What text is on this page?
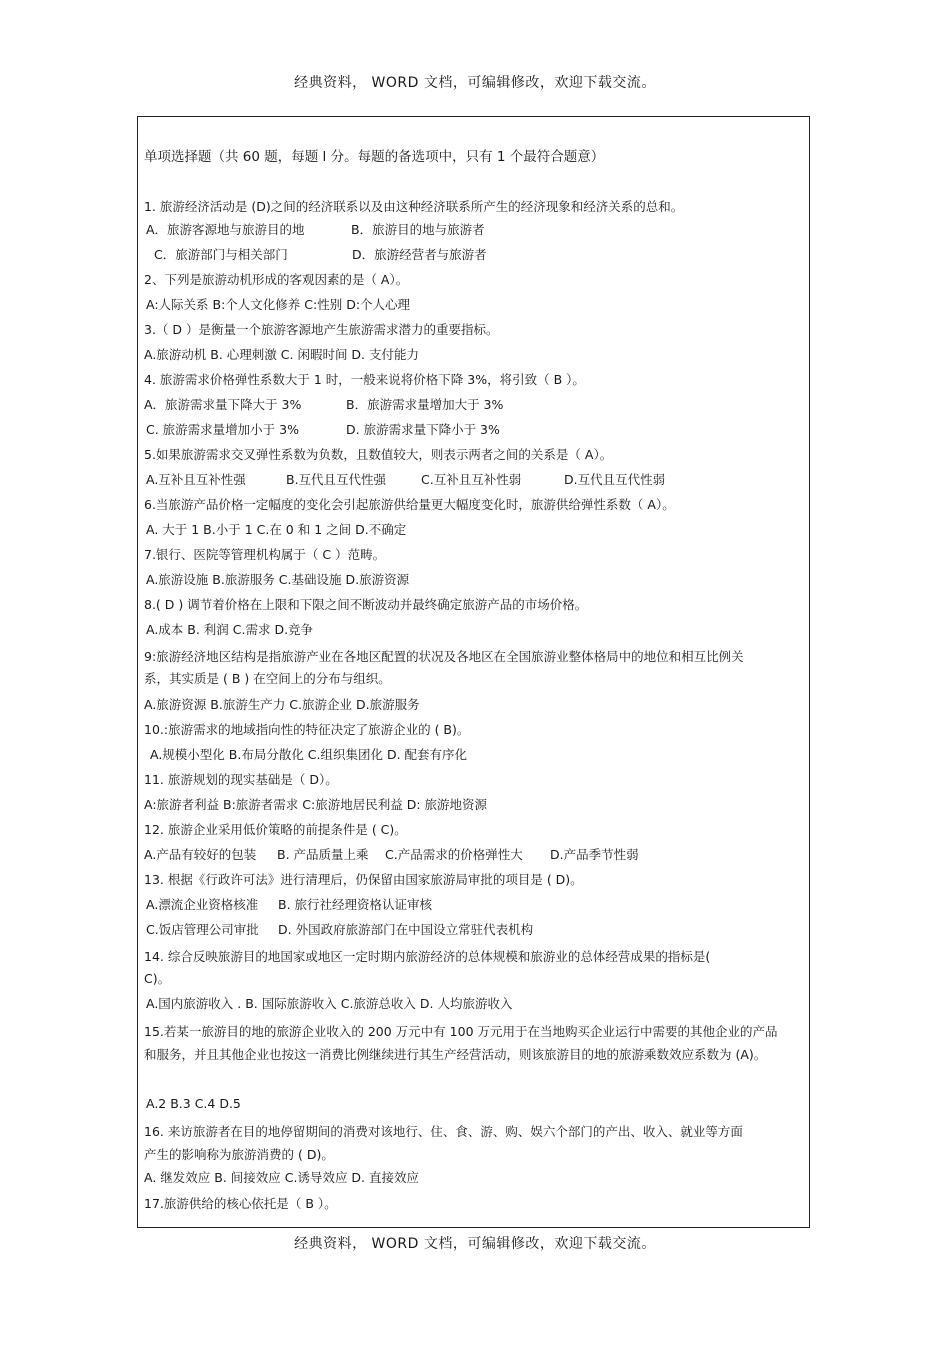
经典资料， WORD 文档，可编辑修改，欢迎下载交流。
单项选择题（共 60 题，每题 l 分。每题的备选项中，只有 1 个最符合题意）
1. 旅游经济活动是 (D)之间的经济联系以及由这种经济联系所产生的经济现象和经济关系的总和。
A．旅游客源地与旅游目的地	B．旅游目的地与旅游者
C．旅游部门与相关部门	D．旅游经营者与旅游者
2、下列是旅游动机形成的客观因素的是（ A）。
A:人际关系 B:个人文化修养 C:性别 D:个人心理
3.（ D ）是衡量一个旅游客源地产生旅游需求潜力的重要指标。
A.旅游动机 B. 心理刺激 C. 闲暇时间 D. 支付能力
4. 旅游需求价格弹性系数大于 1 时，一般来说将价格下降 3%，将引致（ B ）。
A．旅游需求量下降大于 3%	B．旅游需求量增加大于 3%
C. 旅游需求量增加小于 3%	D. 旅游需求量下降小于 3%
5.如果旅游需求交叉弹性系数为负数，且数值较大，则表示两者之间的关系是（ A）。
A.互补且互补性强	B.互代且互代性强	C.互补且互补性弱	D.互代且互代性弱
6.当旅游产品价格一定幅度的变化会引起旅游供给量更大幅度变化时，旅游供给弹性系数（ A）。
A. 大于 1 B.小于 1 C.在 0 和 1 之间 D.不确定
7.银行、医院等管理机构属于（ C ）范畴。
A.旅游设施 B.旅游服务 C.基础设施 D.旅游资源
8.( D ) 调节着价格在上限和下限之间不断波动并最终确定旅游产品的市场价格。
A.成本 B. 利润 C.需求 D.竞争
9:旅游经济地区结构是指旅游产业在各地区配置的状况及各地区在全国旅游业整体格局中的地位和相互比例关系，其实质是 ( B ) 在空间上的分布与组织。
A.旅游资源 B.旅游生产力 C.旅游企业 D.旅游服务
10.:旅游需求的地域指向性的特征决定了旅游企业的 ( B)。
A.规模小型化 B.布局分散化 C.组织集团化 D. 配套有序化
11. 旅游规划的现实基础是（ D）。
A:旅游者利益 B:旅游者需求 C:旅游地居民利益 D: 旅游地资源
12. 旅游企业采用低价策略的前提条件是 ( C)。
A.产品有较好的包装 B. 产品质量上乘 C.产品需求的价格弹性大 D.产品季节性弱
13. 根据《行政许可法》进行清理后，仍保留由国家旅游局审批的项目是 ( D)。
A.漂流企业资格核准 B. 旅行社经理资格认证审核
C.饭店管理公司审批 D. 外国政府旅游部门在中国设立常驻代表机构
14. 综合反映旅游目的地国家或地区一定时期内旅游经济的总体规模和旅游业的总体经营成果的指标是( C)。
A.国内旅游收入 . B. 国际旅游收入 C.旅游总收入 D. 人均旅游收入
15.若某一旅游目的地的旅游企业收入的 200 万元中有 100 万元用于在当地购买企业运行中需要的其他企业的产品和服务，并且其他企业也按这一消费比例继续进行其生产经营活动，则该旅游目的地的旅游乘数效应系数为 (A)。
A.2 B.3 C.4 D.5
16. 来访旅游者在目的地停留期间的消费对该地行、住、食、游、购、娱六个部门的产出、收入、就业等方面产生的影响称为旅游消费的 ( D)。
A. 继发效应 B. 间接效应 C.诱导效应 D. 直接效应
17.旅游供给的核心依托是（ B ）。
经典资料， WORD 文档，可编辑修改，欢迎下载交流。
